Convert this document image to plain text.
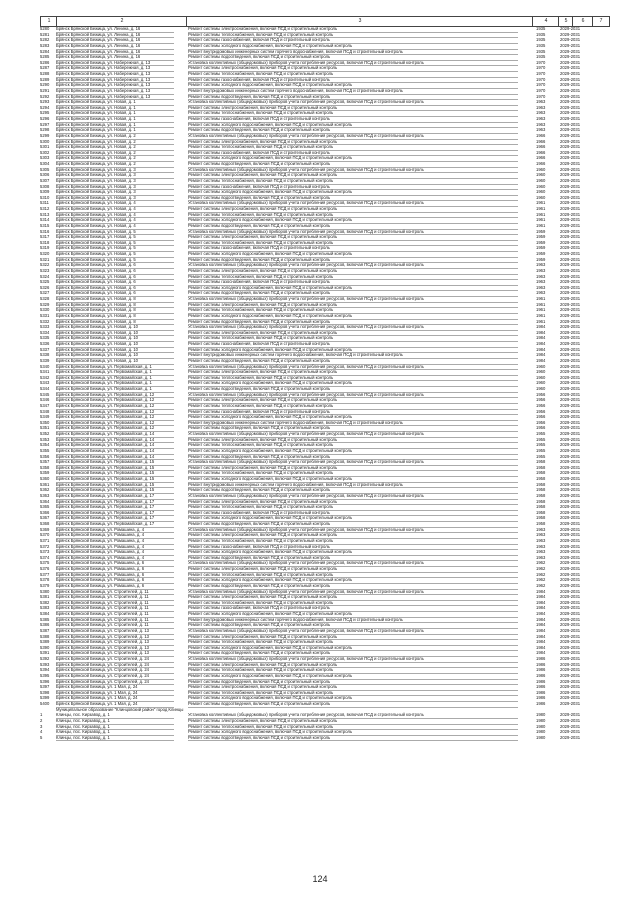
1	2	3	4	5	6	7
5280	Брянск Брянской Бежица, ул. Ленина, д. 16	Ремонт системы электроснабжения, включая ПСД и строительный контроль	1935	2029-2031
5281	Брянск Брянской Бежица, ул. Ленина, д. 16	Ремонт системы теплоснабжения, включая ПСД и строительный контроль	1935	2029-2031
5282	Брянск Брянской Бежица, ул. Ленина, д. 16	Ремонт системы газоснабжения, включая ПСД и строительный контроль	1935	2029-2031
5283	Брянск Брянской Бежица, ул. Ленина, д. 16	Ремонт системы холодного водоснабжения, включая ПСД и строительный контроль	1935	2029-2031
5284	Брянск Брянской Бежица, ул. Ленина, д. 16	Ремонт внутридомовых инженерных систем горячего водоснабжения, включая ПСД и строительный контроль	1935	2029-2031
5285	Брянск Брянской Бежица, ул. Ленина, д. 16	Ремонт системы водоотведения, включая ПСД и строительный контроль	1935	2029-2031
5286	Брянск Брянской Бежица, ул. Набережная, д. 13	Установка коллективных (общедомовых) приборов учета потребления ресурсов, включая ПСД и строительный контроль	1970	2029-2031
5287	Брянск Брянской Бежица, ул. Набережная, д. 13	Ремонт системы электроснабжения, включая ПСД и строительный контроль	1970	2029-2031
5288	Брянск Брянской Бежица, ул. Набережная, д. 13	Ремонт системы теплоснабжения, включая ПСД и строительный контроль	1970	2029-2031
5289	Брянск Брянской Бежица, ул. Набережная, д. 13	Ремонт системы газоснабжения, включая ПСД и строительный контроль	1970	2029-2031
5290	Брянск Брянской Бежица, ул. Набережная, д. 13	Ремонт системы холодного водоснабжения, включая ПСД и строительный контроль	1970	2029-2031
5291	Брянск Брянской Бежица, ул. Набережная, д. 13	Ремонт внутридомовых инженерных систем горячего водоснабжения, включая ПСД и строительный контроль	1970	2029-2031
5292	Брянск Брянской Бежица, ул. Набережная, д. 13	Ремонт системы водоотведения, включая ПСД и строительный контроль	1970	2029-2031
5293	Брянск Брянской Бежица, ул. Новая, д. 1	Установка коллективных (общедомовых) приборов учета потребления ресурсов, включая ПСД и строительный контроль	1963	2029-2031
5294	Брянск Брянской Бежица, ул. Новая, д. 1	Ремонт системы электроснабжения, включая ПСД и строительный контроль	1963	2029-2031
5295	Брянск Брянской Бежица, ул. Новая, д. 1	Ремонт системы теплоснабжения, включая ПСД и строительный контроль	1963	2029-2031
5296	Брянск Брянской Бежица, ул. Новая, д. 1	Ремонт системы газоснабжения, включая ПСД и строительный контроль	1963	2029-2031
5297	Брянск Брянской Бежица, ул. Новая, д. 1	Ремонт системы холодного водоснабжения, включая ПСД и строительный контроль	1963	2029-2031
5298	Брянск Брянской Бежица, ул. Новая, д. 1	Ремонт системы водоотведения, включая ПСД и строительный контроль	1963	2029-2031
5299	Брянск Брянской Бежица, ул. Новая, д. 2	Установка коллективных (общедомовых) приборов учета потребления ресурсов, включая ПСД и строительный контроль	1966	2029-2031
5300	Брянск Брянской Бежица, ул. Новая, д. 2	Ремонт системы электроснабжения, включая ПСД и строительный контроль	1966	2029-2031
5301	Брянск Брянской Бежица, ул. Новая, д. 2	Ремонт системы теплоснабжения, включая ПСД и строительный контроль	1966	2029-2031
5302	Брянск Брянской Бежица, ул. Новая, д. 2	Ремонт системы газоснабжения, включая ПСД и строительный контроль	1966	2029-2031
5303	Брянск Брянской Бежица, ул. Новая, д. 2	Ремонт системы холодного водоснабжения, включая ПСД и строительный контроль	1966	2029-2031
5304	Брянск Брянской Бежица, ул. Новая, д. 2	Ремонт системы водоотведения, включая ПСД и строительный контроль	1966	2029-2031
5305	Брянск Брянской Бежица, ул. Новая, д. 3	Установка коллективных (общедомовых) приборов учета потребления ресурсов, включая ПСД и строительный контроль	1960	2029-2031
5306	Брянск Брянской Бежица, ул. Новая, д. 3	Ремонт системы электроснабжения, включая ПСД и строительный контроль	1960	2029-2031
5307	Брянск Брянской Бежица, ул. Новая, д. 3	Ремонт системы теплоснабжения, включая ПСД и строительный контроль	1960	2029-2031
5308	Брянск Брянской Бежица, ул. Новая, д. 3	Ремонт системы газоснабжения, включая ПСД и строительный контроль	1960	2029-2031
5309	Брянск Брянской Бежица, ул. Новая, д. 3	Ремонт системы холодного водоснабжения, включая ПСД и строительный контроль	1960	2029-2031
5310	Брянск Брянской Бежица, ул. Новая, д. 3	Ремонт системы водоотведения, включая ПСД и строительный контроль	1960	2029-2031
5311	Брянск Брянской Бежица, ул. Новая, д. 4	Установка коллективных (общедомовых) приборов учета потребления ресурсов, включая ПСД и строительный контроль	1961	2029-2031
5312	Брянск Брянской Бежица, ул. Новая, д. 4	Ремонт системы электроснабжения, включая ПСД и строительный контроль	1961	2029-2031
5313	Брянск Брянской Бежица, ул. Новая, д. 4	Ремонт системы теплоснабжения, включая ПСД и строительный контроль	1961	2029-2031
5314	Брянск Брянской Бежица, ул. Новая, д. 4	Ремонт системы холодного водоснабжения, включая ПСД и строительный контроль	1961	2029-2031
5315	Брянск Брянской Бежица, ул. Новая, д. 4	Ремонт системы водоотведения, включая ПСД и строительный контроль	1961	2029-2031
5316	Брянск Брянской Бежица, ул. Новая, д. 5	Установка коллективных (общедомовых) приборов учета потребления ресурсов, включая ПСД и строительный контроль	1959	2029-2031
5317	Брянск Брянской Бежица, ул. Новая, д. 5	Ремонт системы электроснабжения, включая ПСД и строительный контроль	1959	2029-2031
5318	Брянск Брянской Бежица, ул. Новая, д. 5	Ремонт системы теплоснабжения, включая ПСД и строительный контроль	1959	2029-2031
5319	Брянск Брянской Бежица, ул. Новая, д. 5	Ремонт системы газоснабжения, включая ПСД и строительный контроль	1959	2029-2031
5320	Брянск Брянской Бежица, ул. Новая, д. 5	Ремонт системы холодного водоснабжения, включая ПСД и строительный контроль	1959	2029-2031
5321	Брянск Брянской Бежица, ул. Новая, д. 5	Ремонт системы водоотведения, включая ПСД и строительный контроль	1959	2029-2031
5322	Брянск Брянской Бежица, ул. Новая, д. 6	Установка коллективных (общедомовых) приборов учета потребления ресурсов, включая ПСД и строительный контроль	1963	2029-2031
5323	Брянск Брянской Бежица, ул. Новая, д. 6	Ремонт системы электроснабжения, включая ПСД и строительный контроль	1963	2029-2031
5324	Брянск Брянской Бежица, ул. Новая, д. 6	Ремонт системы теплоснабжения, включая ПСД и строительный контроль	1963	2029-2031
5325	Брянск Брянской Бежица, ул. Новая, д. 6	Ремонт системы газоснабжения, включая ПСД и строительный контроль	1963	2029-2031
5326	Брянск Брянской Бежица, ул. Новая, д. 6	Ремонт системы холодного водоснабжения, включая ПСД и строительный контроль	1963	2029-2031
5327	Брянск Брянской Бежица, ул. Новая, д. 6	Ремонт системы водоотведения, включая ПСД и строительный контроль	1963	2029-2031
5328	Брянск Брянской Бежица, ул. Новая, д. 8	Установка коллективных (общедомовых) приборов учета потребления ресурсов, включая ПСД и строительный контроль	1961	2029-2031
5329	Брянск Брянской Бежица, ул. Новая, д. 8	Ремонт системы электроснабжения, включая ПСД и строительный контроль	1961	2029-2031
5330	Брянск Брянской Бежица, ул. Новая, д. 8	Ремонт системы теплоснабжения, включая ПСД и строительный контроль	1961	2029-2031
5331	Брянск Брянской Бежица, ул. Новая, д. 8	Ремонт системы холодного водоснабжения, включая ПСД и строительный контроль	1961	2029-2031
5332	Брянск Брянской Бежица, ул. Новая, д. 8	Ремонт системы водоотведения, включая ПСД и строительный контроль	1961	2029-2031
5333	Брянск Брянской Бежица, ул. Новая, д. 10	Установка коллективных (общедомовых) приборов учета потребления ресурсов, включая ПСД и строительный контроль	1984	2029-2031
5334	Брянск Брянской Бежица, ул. Новая, д. 10	Ремонт системы электроснабжения, включая ПСД и строительный контроль	1984	2029-2031
5335	Брянск Брянской Бежица, ул. Новая, д. 10	Ремонт системы теплоснабжения, включая ПСД и строительный контроль	1984	2029-2031
5336	Брянск Брянской Бежица, ул. Новая, д. 10	Ремонт системы газоснабжения, включая ПСД и строительный контроль	1984	2029-2031
5337	Брянск Брянской Бежица, ул. Новая, д. 10	Ремонт системы холодного водоснабжения, включая ПСД и строительный контроль	1984	2029-2031
5338	Брянск Брянской Бежица, ул. Новая, д. 10	Ремонт внутридомовых инженерных систем горячего водоснабжения, включая ПСД и строительный контроль	1984	2029-2031
5339	Брянск Брянской Бежица, ул. Новая, д. 10	Ремонт системы водоотведения, включая ПСД и строительный контроль	1984	2029-2031
5340	Брянск Брянской Бежица, ул. Первомайская, д. 1	Установка коллективных (общедомовых) приборов учета потребления ресурсов, включая ПСД и строительный контроль	1960	2029-2031
5341	Брянск Брянской Бежица, ул. Первомайская, д. 1	Ремонт системы электроснабжения, включая ПСД и строительный контроль	1960	2029-2031
5342	Брянск Брянской Бежица, ул. Первомайская, д. 1	Ремонт системы теплоснабжения, включая ПСД и строительный контроль	1960	2029-2031
5343	Брянск Брянской Бежица, ул. Первомайская, д. 1	Ремонт системы холодного водоснабжения, включая ПСД и строительный контроль	1960	2029-2031
5344	Брянск Брянской Бежица, ул. Первомайская, д. 1	Ремонт системы водоотведения, включая ПСД и строительный контроль	1960	2029-2031
5345	Брянск Брянской Бежица, ул. Первомайская, д. 12	Установка коллективных (общедомовых) приборов учета потребления ресурсов, включая ПСД и строительный контроль	1956	2029-2031
5346	Брянск Брянской Бежица, ул. Первомайская, д. 12	Ремонт системы электроснабжения, включая ПСД и строительный контроль	1956	2029-2031
5347	Брянск Брянской Бежица, ул. Первомайская, д. 12	Ремонт системы теплоснабжения, включая ПСД и строительный контроль	1956	2029-2031
5348	Брянск Брянской Бежица, ул. Первомайская, д. 12	Ремонт системы газоснабжения, включая ПСД и строительный контроль	1956	2029-2031
5349	Брянск Брянской Бежица, ул. Первомайская, д. 12	Ремонт системы холодного водоснабжения, включая ПСД и строительный контроль	1956	2029-2031
5350	Брянск Брянской Бежица, ул. Первомайская, д. 12	Ремонт внутридомовых инженерных систем горячего водоснабжения, включая ПСД и строительный контроль	1956	2029-2031
5351	Брянск Брянской Бежица, ул. Первомайская, д. 12	Ремонт системы водоотведения, включая ПСД и строительный контроль	1956	2029-2031
5352	Брянск Брянской Бежица, ул. Первомайская, д. 14	Установка коллективных (общедомовых) приборов учета потребления ресурсов, включая ПСД и строительный контроль	1955	2029-2031
5353	Брянск Брянской Бежица, ул. Первомайская, д. 14	Ремонт системы электроснабжения, включая ПСД и строительный контроль	1955	2029-2031
5354	Брянск Брянской Бежица, ул. Первомайская, д. 14	Ремонт системы теплоснабжения, включая ПСД и строительный контроль	1955	2029-2031
5355	Брянск Брянской Бежица, ул. Первомайская, д. 14	Ремонт системы холодного водоснабжения, включая ПСД и строительный контроль	1955	2029-2031
5356	Брянск Брянской Бежица, ул. Первомайская, д. 14	Ремонт системы водоотведения, включая ПСД и строительный контроль	1955	2029-2031
5357	Брянск Брянской Бежица, ул. Первомайская, д. 15	Установка коллективных (общедомовых) приборов учета потребления ресурсов, включая ПСД и строительный контроль	1958	2029-2031
5358	Брянск Брянской Бежица, ул. Первомайская, д. 15	Ремонт системы электроснабжения, включая ПСД и строительный контроль	1958	2029-2031
5359	Брянск Брянской Бежица, ул. Первомайская, д. 15	Ремонт системы теплоснабжения, включая ПСД и строительный контроль	1958	2029-2031
5360	Брянск Брянской Бежица, ул. Первомайская, д. 15	Ремонт системы холодного водоснабжения, включая ПСД и строительный контроль	1958	2029-2031
5361	Брянск Брянской Бежица, ул. Первомайская, д. 15	Ремонт внутридомовых инженерных систем горячего водоснабжения, включая ПСД и строительный контроль	1958	2029-2031
5362	Брянск Брянской Бежица, ул. Первомайская, д. 15	Ремонт системы водоотведения, включая ПСД и строительный контроль	1958	2029-2031
5363	Брянск Брянской Бежица, ул. Первомайская, д. 17	Установка коллективных (общедомовых) приборов учета потребления ресурсов, включая ПСД и строительный контроль	1958	2029-2031
5364	Брянск Брянской Бежица, ул. Первомайская, д. 17	Ремонт системы электроснабжения, включая ПСД и строительный контроль	1958	2029-2031
5365	Брянск Брянской Бежица, ул. Первомайская, д. 17	Ремонт системы теплоснабжения, включая ПСД и строительный контроль	1958	2029-2031
5366	Брянск Брянской Бежица, ул. Первомайская, д. 17	Ремонт системы газоснабжения, включая ПСД и строительный контроль	1958	2029-2031
5367	Брянск Брянской Бежица, ул. Первомайская, д. 17	Ремонт системы холодного водоснабжения, включая ПСД и строительный контроль	1958	2029-2031
5368	Брянск Брянской Бежица, ул. Первомайская, д. 17	Ремонт системы водоотведения, включая ПСД и строительный контроль	1958	2029-2031
5369	Брянск Брянской Бежица, ул. Ромашина, д. 4	Установка коллективных (общедомовых) приборов учета потребления ресурсов, включая ПСД и строительный контроль	1963	2029-2031
5370	Брянск Брянской Бежица, ул. Ромашина, д. 4	Ремонт системы электроснабжения, включая ПСД и строительный контроль	1963	2029-2031
5371	Брянск Брянской Бежица, ул. Ромашина, д. 4	Ремонт системы теплоснабжения, включая ПСД и строительный контроль	1963	2029-2031
5372	Брянск Брянской Бежица, ул. Ромашина, д. 4	Ремонт системы газоснабжения, включая ПСД и строительный контроль	1963	2029-2031
5373	Брянск Брянской Бежица, ул. Ромашина, д. 4	Ремонт системы холодного водоснабжения, включая ПСД и строительный контроль	1963	2029-2031
5374	Брянск Брянской Бежица, ул. Ромашина, д. 4	Ремонт системы водоотведения, включая ПСД и строительный контроль	1963	2029-2031
5375	Брянск Брянской Бежица, ул. Ромашина, д. 6	Установка коллективных (общедомовых) приборов учета потребления ресурсов, включая ПСД и строительный контроль	1962	2029-2031
5376	Брянск Брянской Бежица, ул. Ромашина, д. 6	Ремонт системы электроснабжения, включая ПСД и строительный контроль	1962	2029-2031
5377	Брянск Брянской Бежица, ул. Ромашина, д. 6	Ремонт системы теплоснабжения, включая ПСД и строительный контроль	1962	2029-2031
5378	Брянск Брянской Бежица, ул. Ромашина, д. 6	Ремонт системы холодного водоснабжения, включая ПСД и строительный контроль	1962	2029-2031
5379	Брянск Брянской Бежица, ул. Ромашина, д. 6	Ремонт системы водоотведения, включая ПСД и строительный контроль	1962	2029-2031
5380	Брянск Брянской Бежица, ул. Строителей, д. 11	Установка коллективных (общедомовых) приборов учета потребления ресурсов, включая ПСД и строительный контроль	1984	2029-2031
5381	Брянск Брянской Бежица, ул. Строителей, д. 11	Ремонт системы электроснабжения, включая ПСД и строительный контроль	1984	2029-2031
5382	Брянск Брянской Бежица, ул. Строителей, д. 11	Ремонт системы теплоснабжения, включая ПСД и строительный контроль	1984	2029-2031
5383	Брянск Брянской Бежица, ул. Строителей, д. 11	Ремонт системы газоснабжения, включая ПСД и строительный контроль	1984	2029-2031
5384	Брянск Брянской Бежица, ул. Строителей, д. 11	Ремонт системы холодного водоснабжения, включая ПСД и строительный контроль	1984	2029-2031
5385	Брянск Брянской Бежица, ул. Строителей, д. 11	Ремонт внутридомовых инженерных систем горячего водоснабжения, включая ПСД и строительный контроль	1984	2029-2031
5386	Брянск Брянской Бежица, ул. Строителей, д. 11	Ремонт системы водоотведения, включая ПСД и строительный контроль	1984	2029-2031
5387	Брянск Брянской Бежица, ул. Строителей, д. 13	Установка коллективных (общедомовых) приборов учета потребления ресурсов, включая ПСД и строительный контроль	1984	2029-2031
5388	Брянск Брянской Бежица, ул. Строителей, д. 13	Ремонт системы электроснабжения, включая ПСД и строительный контроль	1984	2029-2031
5389	Брянск Брянской Бежица, ул. Строителей, д. 13	Ремонт системы теплоснабжения, включая ПСД и строительный контроль	1984	2029-2031
5390	Брянск Брянской Бежица, ул. Строителей, д. 13	Ремонт системы холодного водоснабжения, включая ПСД и строительный контроль	1984	2029-2031
5391	Брянск Брянской Бежица, ул. Строителей, д. 13	Ремонт системы водоотведения, включая ПСД и строительный контроль	1984	2029-2031
5392	Брянск Брянской Бежица, ул. Строителей, д. 24	Установка коллективных (общедомовых) приборов учета потребления ресурсов, включая ПСД и строительный контроль	1986	2029-2031
5393	Брянск Брянской Бежица, ул. Строителей, д. 24	Ремонт системы электроснабжения, включая ПСД и строительный контроль	1986	2029-2031
5394	Брянск Брянской Бежица, ул. Строителей, д. 24	Ремонт системы теплоснабжения, включая ПСД и строительный контроль	1986	2029-2031
5395	Брянск Брянской Бежица, ул. Строителей, д. 24	Ремонт системы холодного водоснабжения, включая ПСД и строительный контроль	1986	2029-2031
5396	Брянск Брянской Бежица, ул. Строителей, д. 24	Ремонт системы водоотведения, включая ПСД и строительный контроль	1986	2029-2031
5397	Брянск Брянской Бежица, ул. 1 Мая, д. 24	Ремонт системы электроснабжения, включая ПСД и строительный контроль	1986	2029-2031
5398	Брянск Брянской Бежица, ул. 1 Мая, д. 24	Ремонт системы теплоснабжения, включая ПСД и строительный контроль	1986	2029-2031
5399	Брянск Брянской Бежица, ул. 1 Мая, д. 24	Ремонт системы холодного водоснабжения, включая ПСД и строительный контроль	1986	2029-2031
5400	Брянск Брянской Бежица, ул. 1 Мая, д. 24	Ремонт системы водоотведения, включая ПСД и строительный контроль	1986	2029-2031
Муниципальное образование "Клинцовский район" город Клинцы
1	Клинцы, пос. Кирзавод, д. 1	Установка коллективных (общедомовых) приборов учета потребления ресурсов, включая ПСД и строительный контроль	1980	2029-2031
2	Клинцы, пос. Кирзавод, д. 1	Ремонт системы электроснабжения, включая ПСД и строительный контроль	1980	2029-2031
3	Клинцы, пос. Кирзавод, д. 1	Ремонт системы теплоснабжения, включая ПСД и строительный контроль	1980	2029-2031
4	Клинцы, пос. Кирзавод, д. 1	Ремонт системы холодного водоснабжения, включая ПСД и строительный контроль	1980	2029-2031
5	Клинцы, пос. Кирзавод, д. 1	Ремонт системы водоотведения, включая ПСД и строительный контроль	1980	2029-2031
124
